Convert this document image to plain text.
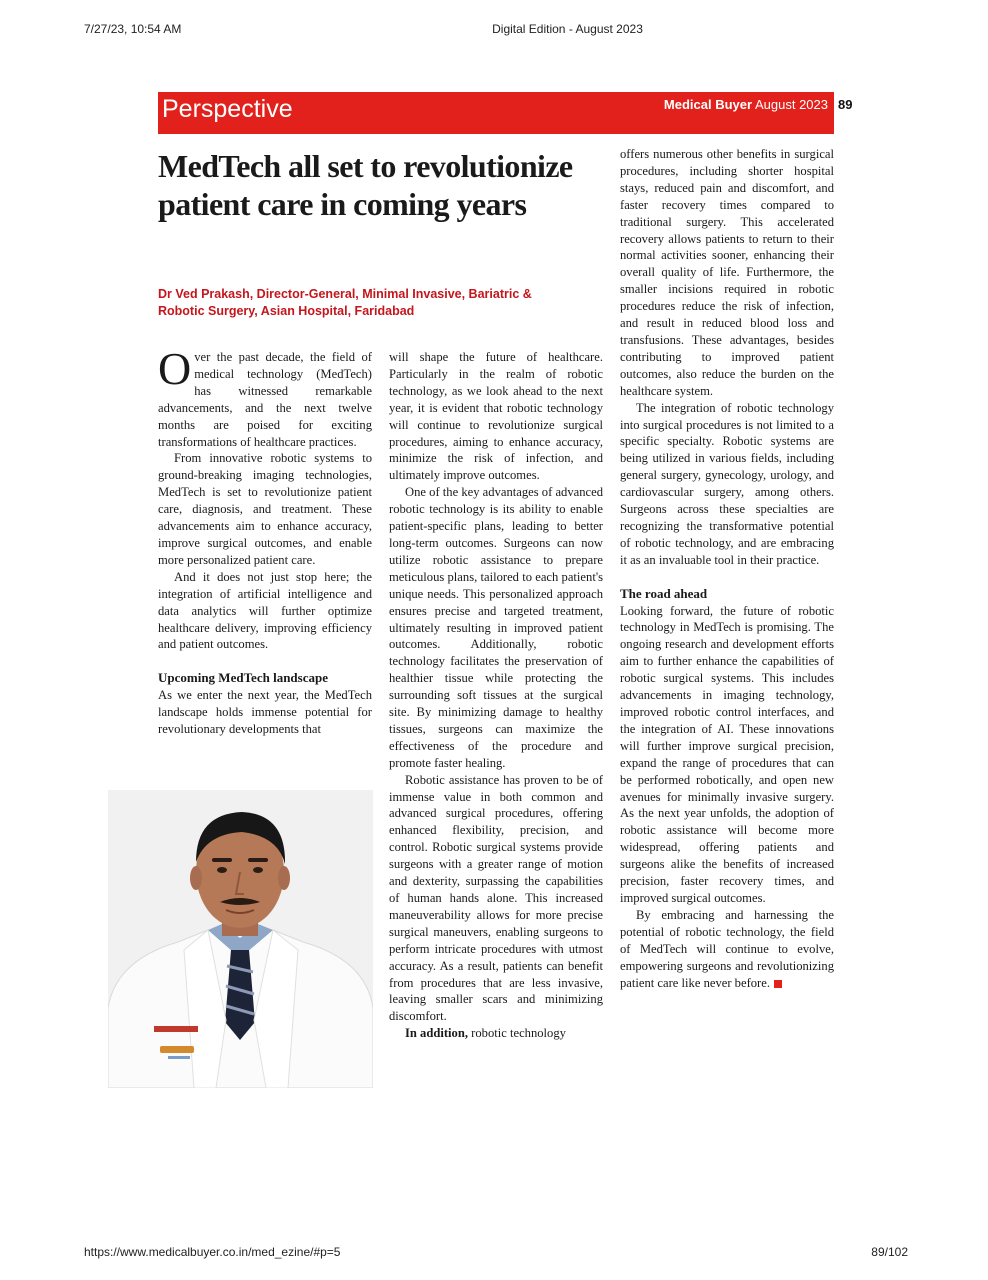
7/27/23, 10:54 AM	Digital Edition - August 2023
Perspective	Medical Buyer August 2023 89
MedTech all set to revolutionize patient care in coming years

Dr Ved Prakash, Director-General, Minimal Invasive, Bariatric & Robotic Surgery, Asian Hospital, Faridabad

Over the past decade, the field of medical technology (MedTech) has witnessed remarkable advancements, and the next twelve months are poised for exciting transformations of healthcare practices.

From innovative robotic systems to ground-breaking imaging technologies, MedTech is set to revolutionize patient care, diagnosis, and treatment. These advancements aim to enhance accuracy, improve surgical outcomes, and enable more personalized patient care.

And it does not just stop here; the integration of artificial intelligence and data analytics will further optimize healthcare delivery, improving efficiency and patient outcomes.

Upcoming MedTech landscape

As we enter the next year, the MedTech landscape holds immense potential for revolutionary developments that

will shape the future of healthcare. Particularly in the realm of robotic technology, as we look ahead to the next year, it is evident that robotic technology will continue to revolutionize surgical procedures, aiming to enhance accuracy, minimize the risk of infection, and ultimately improve outcomes.

One of the key advantages of advanced robotic technology is its ability to enable patient-specific plans, leading to better long-term outcomes. Surgeons can now utilize robotic assistance to prepare meticulous plans, tailored to each patient's unique needs. This personalized approach ensures precise and targeted treatment, ultimately resulting in improved patient outcomes. Additionally, robotic technology facilitates the preservation of healthier tissue while protecting the surrounding soft tissues at the surgical site. By minimizing damage to healthy tissues, surgeons can maximize the effectiveness of the procedure and promote faster healing.

Robotic assistance has proven to be of immense value in both common and advanced surgical procedures, offering enhanced flexibility, precision, and control. Robotic surgical systems provide surgeons with a greater range of motion and dexterity, surpassing the capabilities of human hands alone. This increased maneuverability allows for more precise surgical maneuvers, enabling surgeons to perform intricate procedures with utmost accuracy. As a result, patients can benefit from procedures that are less invasive, leaving smaller scars and minimizing discomfort.

In addition, robotic technology

offers numerous other benefits in surgical procedures, including shorter hospital stays, reduced pain and discomfort, and faster recovery times compared to traditional surgery. This accelerated recovery allows patients to return to their normal activities sooner, enhancing their overall quality of life. Furthermore, the smaller incisions required in robotic procedures reduce the risk of infection, and result in reduced blood loss and transfusions. These advantages, besides contributing to improved patient outcomes, also reduce the burden on the healthcare system.

The integration of robotic technology into surgical procedures is not limited to a specific specialty. Robotic systems are being utilized in various fields, including general surgery, gynecology, urology, and cardiovascular surgery, among others. Surgeons across these specialties are recognizing the transformative potential of robotic technology, and are embracing it as an invaluable tool in their practice.

The road ahead

Looking forward, the future of robotic technology in MedTech is promising. The ongoing research and development efforts aim to further enhance the capabilities of robotic surgical systems. This includes advancements in imaging technology, improved robotic control interfaces, and the integration of AI. These innovations will further improve surgical precision, expand the range of procedures that can be performed robotically, and open new avenues for minimally invasive surgery. As the next year unfolds, the adoption of robotic assistance will become more widespread, offering patients and surgeons alike the benefits of increased precision, faster recovery times, and improved surgical outcomes.

By embracing and harnessing the potential of robotic technology, the field of MedTech will continue to evolve, empowering surgeons and revolutionizing patient care like never before.

https://www.medicalbuyer.co.in/med_ezine/#p=5	89/102
